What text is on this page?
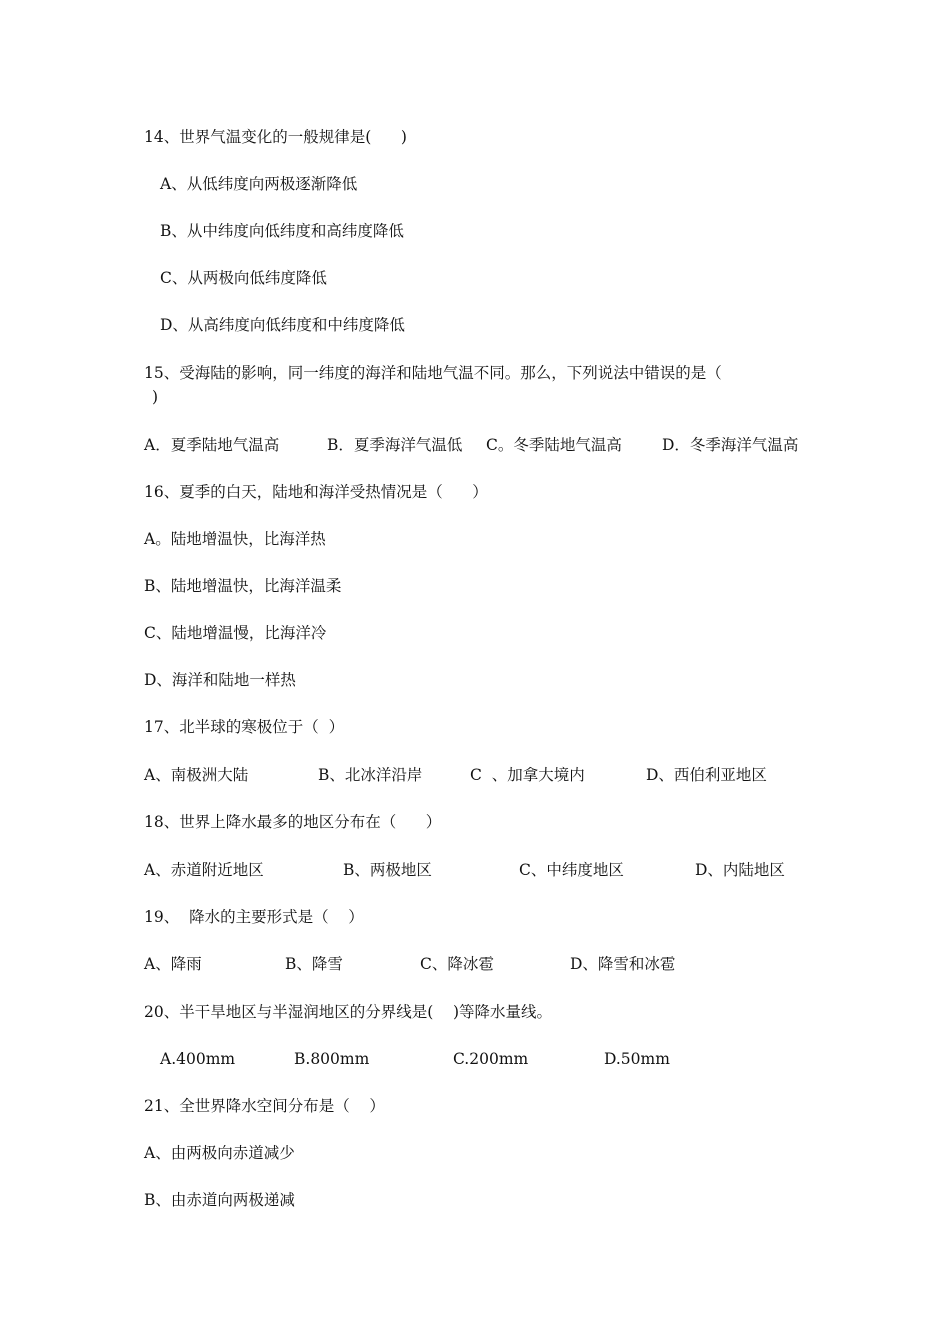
14、世界气温变化的一般规律是(      )
A、从低纬度向两极逐渐降低
B、从中纬度向低纬度和高纬度降低
C、从两极向低纬度降低
D、从高纬度向低纬度和中纬度降低
15、受海陆的影响，同一纬度的海洋和陆地气温不同。那么，下列说法中错误的是（
)

A．夏季陆地气温高

	B．夏季海洋气温低

C。冬季陆地气温高

	D．冬季海洋气温高

16、夏季的白天，陆地和海洋受热情况是（      ）
A。陆地增温快，比海洋热
B、陆地增温快，比海洋温柔
C、陆地增温慢，比海洋冷
D、海洋和陆地一样热
17、北半球的寒极位于（  ）

A、南极洲大陆

	B、北冰洋沿岸

	C  、加拿大境内

	D、西伯利亚地区

18、世界上降水最多的地区分布在（      ）

A、赤道附近地区

	B、两极地区

	C、中纬度地区

	D、内陆地区

19、  降水的主要形式是（    ）

A、降雨

	B、降雪

	C、降冰雹

	D、降雪和冰雹

20、半干旱地区与半湿润地区的分界线是(    )等降水量线。

A.400mm

	B.800mm

	C.200mm

	D.50mm

21、全世界降水空间分布是（    ）
A、由两极向赤道减少
B、由赤道向两极递减
